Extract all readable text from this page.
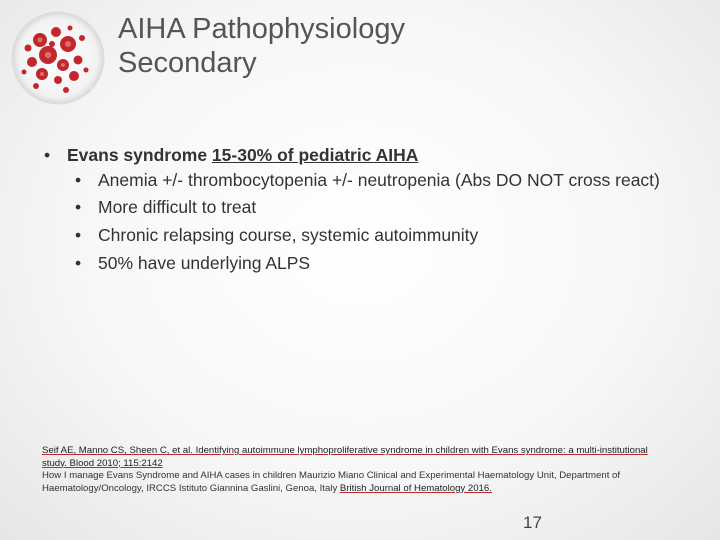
AIHA Pathophysiology
Secondary
• Evans syndrome 15-30% of pediatric AIHA
• Anemia +/- thrombocytopenia +/- neutropenia (Abs DO NOT cross react)
• More difficult to treat
• Chronic relapsing course, systemic autoimmunity
• 50% have underlying ALPS
Seif AE, Manno CS, Sheen C, et al. Identifying autoimmune lymphoproliferative syndrome in children with Evans syndrome: a multi-institutional study. Blood 2010; 115:2142
How I manage Evans Syndrome and AIHA cases in children Maurizio Miano Clinical and Experimental Haematology Unit, Department of Haematology/Oncology, IRCCS Istituto Giannina Gaslini, Genoa, Italy British Journal of Hematology 2016.
17
